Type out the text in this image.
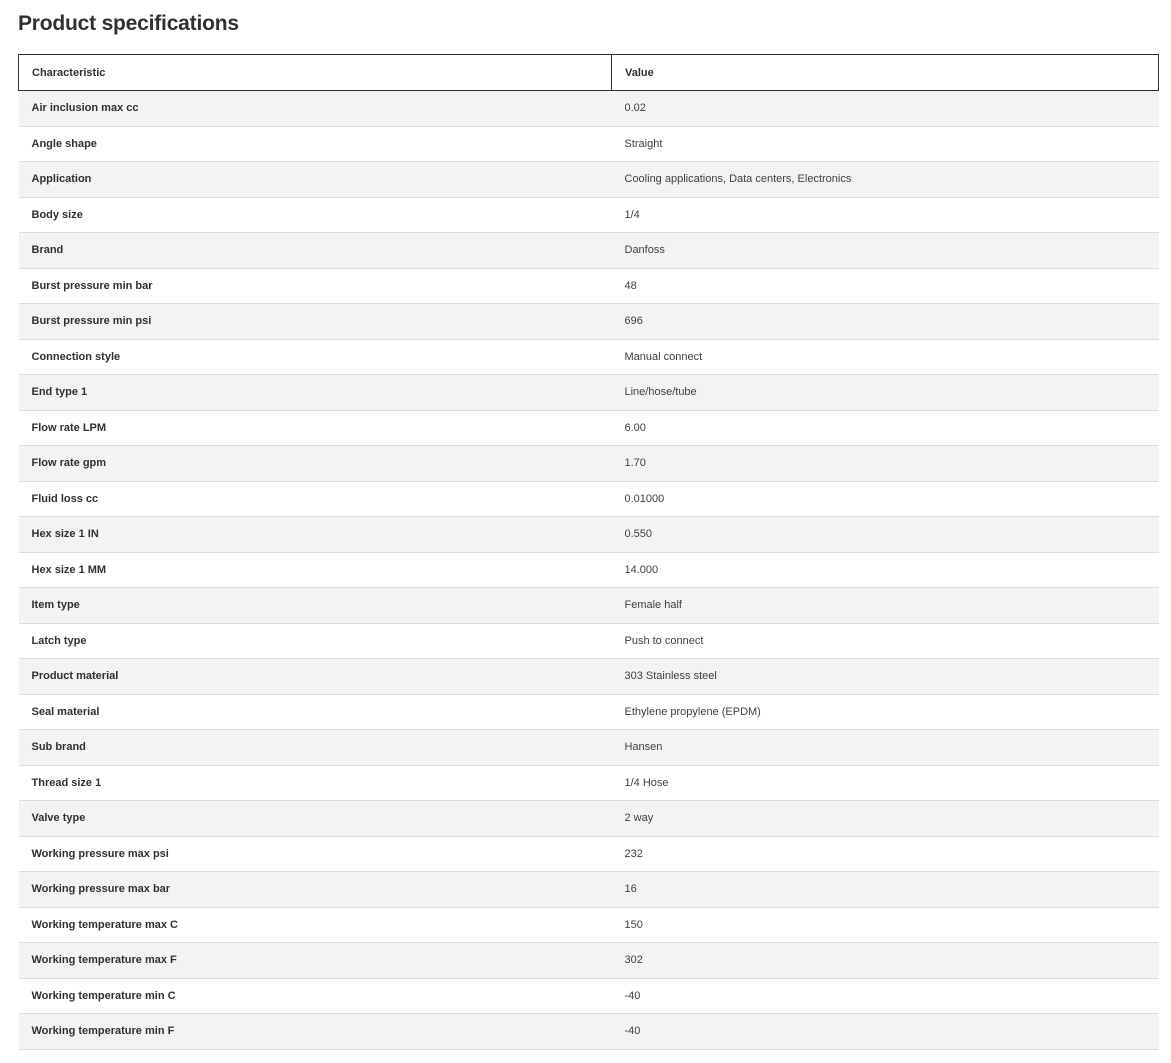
Product specifications
Characteristic	Value
Air inclusion max cc	0.02
Angle shape	Straight
Application	Cooling applications, Data centers, Electronics
Body size	1/4
Brand	Danfoss
Burst pressure min bar	48
Burst pressure min psi	696
Connection style	Manual connect
End type 1	Line/hose/tube
Flow rate LPM	6.00
Flow rate gpm	1.70
Fluid loss cc	0.01000
Hex size 1 IN	0.550
Hex size 1 MM	14.000
Item type	Female half
Latch type	Push to connect
Product material	303 Stainless steel
Seal material	Ethylene propylene (EPDM)
Sub brand	Hansen
Thread size 1	1/4 Hose
Valve type	2 way
Working pressure max psi	232
Working pressure max bar	16
Working temperature max C	150
Working temperature max F	302
Working temperature min C	-40
Working temperature min F	-40
